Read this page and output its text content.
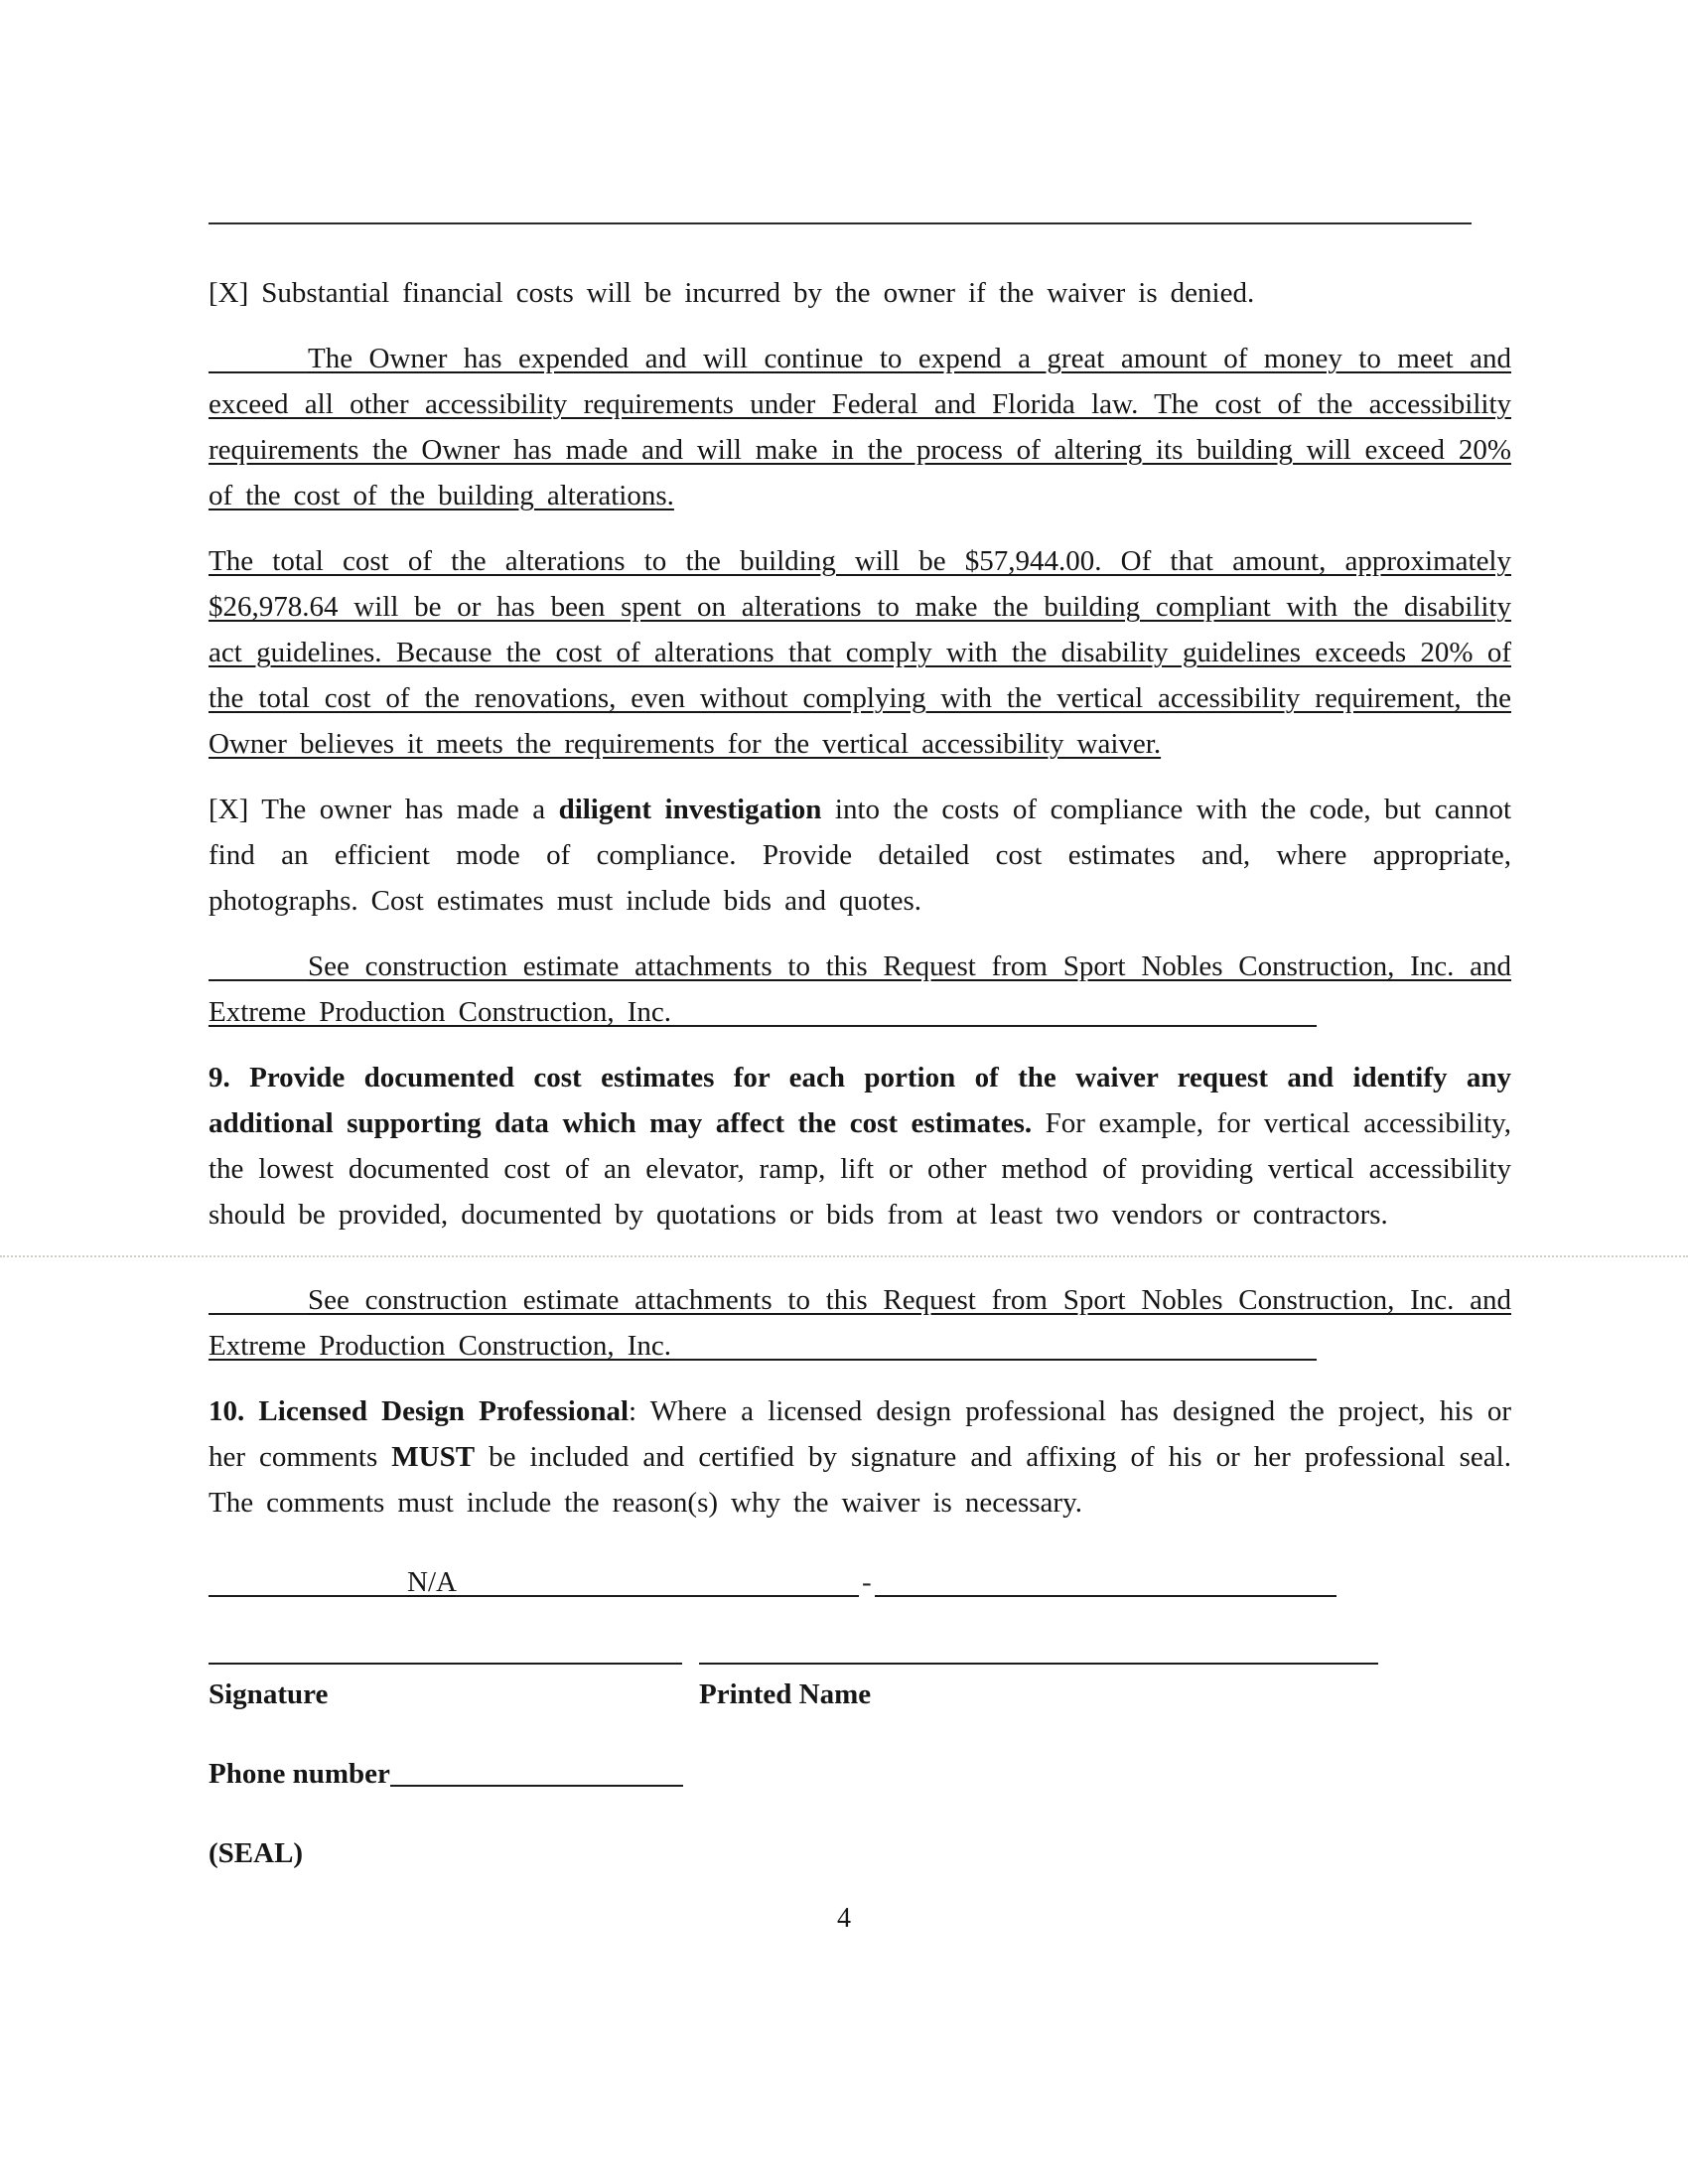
[X] Substantial financial costs will be incurred by the owner if the waiver is denied.

The Owner has expended and will continue to expend a great amount of money to meet and exceed all other accessibility requirements under Federal and Florida law. The cost of the accessibility requirements the Owner has made and will make in the process of altering its building will exceed 20% of the cost of the building alterations.

The total cost of the alterations to the building will be $57,944.00. Of that amount, approximately $26,978.64 will be or has been spent on alterations to make the building compliant with the disability act guidelines. Because the cost of alterations that comply with the disability guidelines exceeds 20% of the total cost of the renovations, even without complying with the vertical accessibility requirement, the Owner believes it meets the requirements for the vertical accessibility waiver.

[X] The owner has made a diligent investigation into the costs of compliance with the code, but cannot find an efficient mode of compliance. Provide detailed cost estimates and, where appropriate, photographs. Cost estimates must include bids and quotes.

See construction estimate attachments to this Request from Sport Nobles Construction, Inc. and Extreme Production Construction, Inc.

9. Provide documented cost estimates for each portion of the waiver request and identify any additional supporting data which may affect the cost estimates. For example, for vertical accessibility, the lowest documented cost of an elevator, ramp, lift or other method of providing vertical accessibility should be provided, documented by quotations or bids from at least two vendors or contractors.

See construction estimate attachments to this Request from Sport Nobles Construction, Inc. and Extreme Production Construction, Inc.

10. Licensed Design Professional: Where a licensed design professional has designed the project, his or her comments MUST be included and certified by signature and affixing of his or her professional seal. The comments must include the reason(s) why the waiver is necessary.

N/A	-
Signature	Printed Name
Phone number
(SEAL)
4
